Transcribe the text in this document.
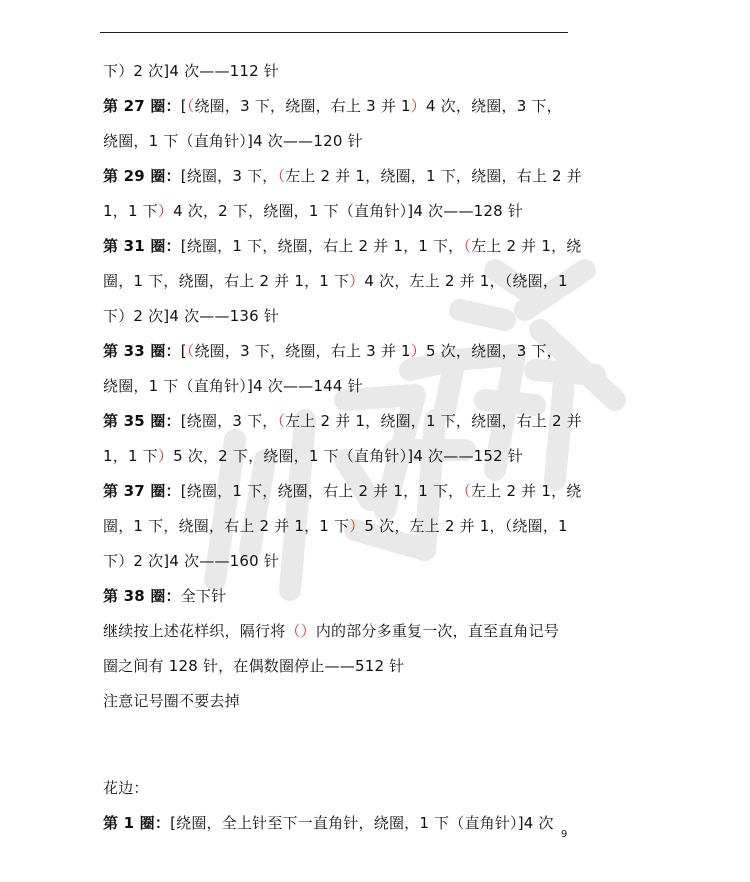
下）2 次]4 次——112 针
第 27 圈：[（绕圈，3 下，绕圈，右上 3 并 1）4 次，绕圈，3 下，
绕圈，1 下（直角针）]4 次——120 针
第 29 圈：[绕圈，3 下，（左上 2 并 1，绕圈，1 下，绕圈，右上 2 并
1，1 下）4 次，2 下，绕圈，1 下（直角针）]4 次——128 针
第 31 圈：[绕圈，1 下，绕圈，右上 2 并 1，1 下，（左上 2 并 1，绕
圈，1 下，绕圈，右上 2 并 1，1 下）4 次，左上 2 并 1，（绕圈，1
下）2 次]4 次——136 针
第 33 圈：[（绕圈，3 下，绕圈，右上 3 并 1）5 次，绕圈，3 下，
绕圈，1 下（直角针）]4 次——144 针
第 35 圈：[绕圈，3 下，（左上 2 并 1，绕圈，1 下，绕圈，右上 2 并
1，1 下）5 次，2 下，绕圈，1 下（直角针）]4 次——152 针
第 37 圈：[绕圈，1 下，绕圈，右上 2 并 1，1 下，（左上 2 并 1，绕
圈，1 下，绕圈，右上 2 并 1，1 下）5 次，左上 2 并 1，（绕圈，1
下）2 次]4 次——160 针
第 38 圈：全下针
继续按上述花样织，隔行将（）内的部分多重复一次，直至直角记号
圈之间有 128 针，在偶数圈停止——512 针
注意记号圈不要去掉
花边：
第 1 圈：[绕圈，全上针至下一直角针，绕圈，1 下（直角针）]4 次
9
